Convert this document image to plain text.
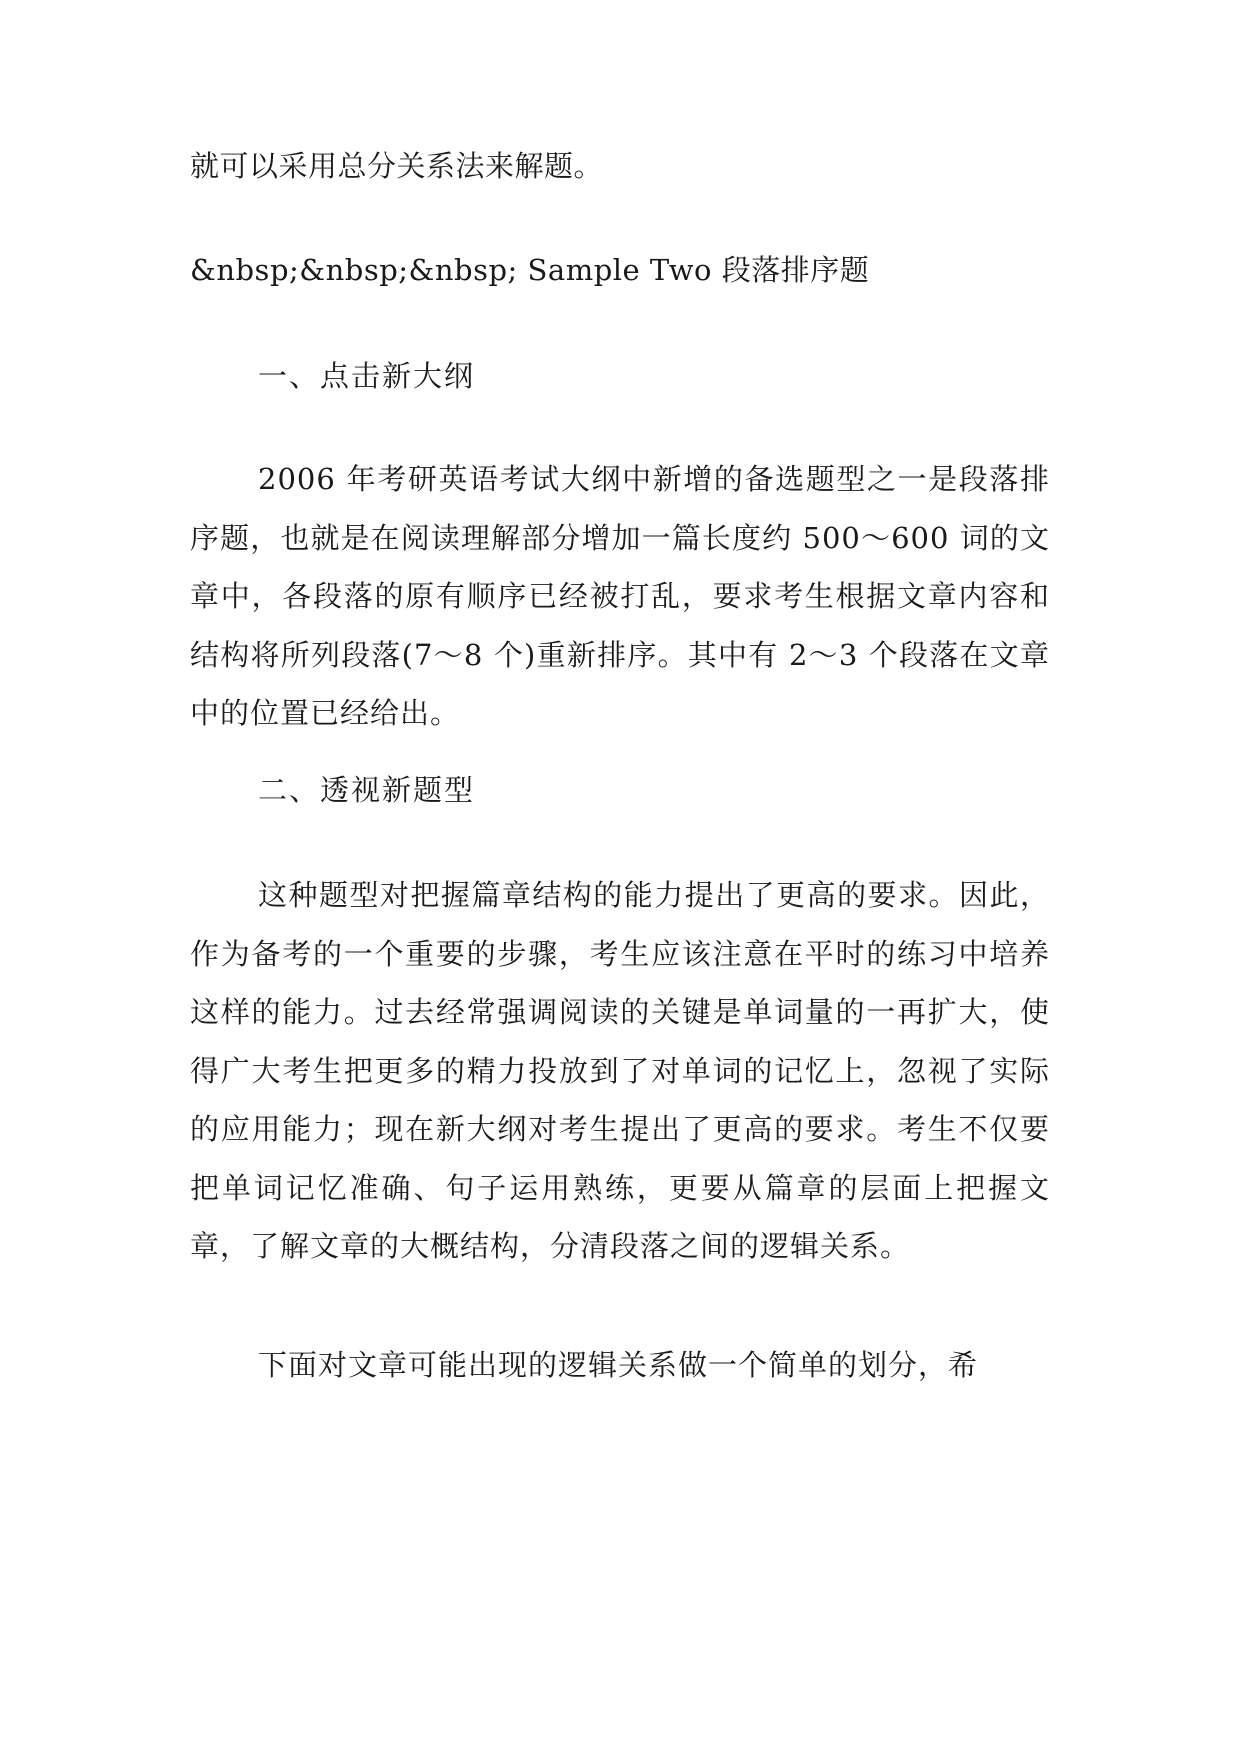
就可以采用总分关系法来解题。

&nbsp;&nbsp;&nbsp; Sample Two 段落排序题

一、点击新大纲

2006 年考研英语考试大纲中新增的备选题型之一是段落排序题，也就是在阅读理解部分增加一篇长度约 500～600 词的文章中，各段落的原有顺序已经被打乱，要求考生根据文章内容和结构将所列段落(7～8 个)重新排序。其中有 2～3 个段落在文章中的位置已经给出。

二、透视新题型

这种题型对把握篇章结构的能力提出了更高的要求。因此，作为备考的一个重要的步骤，考生应该注意在平时的练习中培养这样的能力。过去经常强调阅读的关键是单词量的一再扩大，使得广大考生把更多的精力投放到了对单词的记忆上，忽视了实际的应用能力；现在新大纲对考生提出了更高的要求。考生不仅要把单词记忆准确、句子运用熟练，更要从篇章的层面上把握文章，了解文章的大概结构，分清段落之间的逻辑关系。

下面对文章可能出现的逻辑关系做一个简单的划分，希
